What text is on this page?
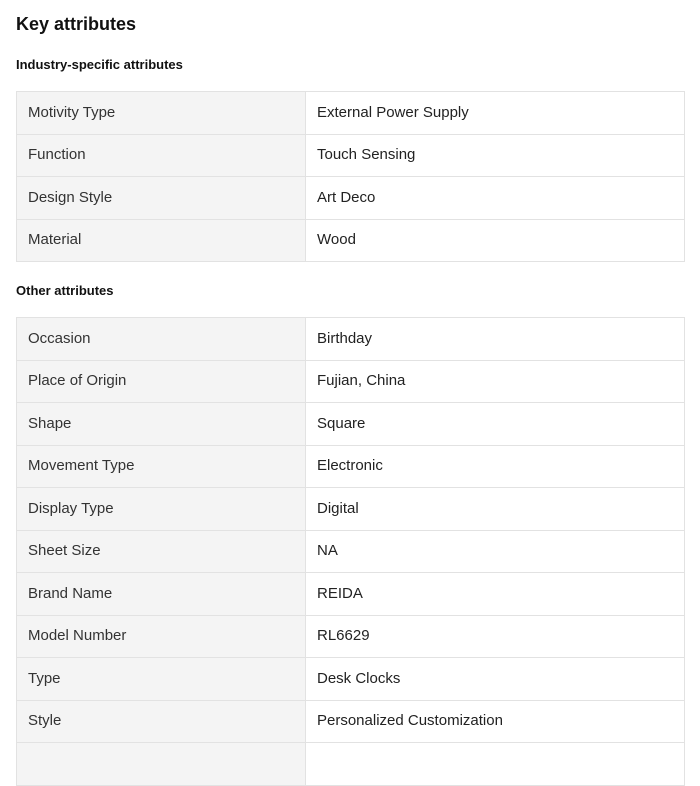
Key attributes
Industry-specific attributes
Motivity Type	External Power Supply
Function	Touch Sensing
Design Style	Art Deco
Material	Wood
Other attributes
Occasion	Birthday
Place of Origin	Fujian, China
Shape	Square
Movement Type	Electronic
Display Type	Digital
Sheet Size	NA
Brand Name	REIDA
Model Number	RL6629
Type	Desk Clocks
Style	Personalized Customization
